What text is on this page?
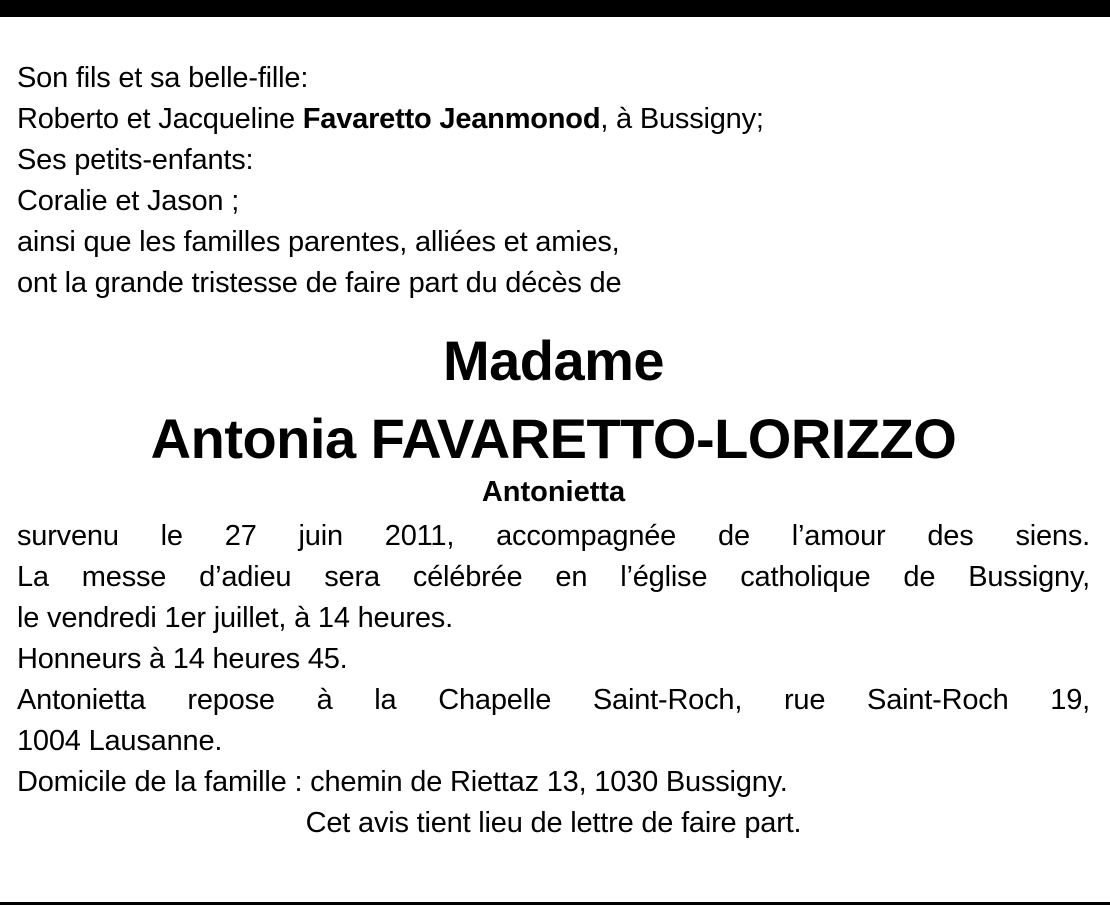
Son fils et sa belle-fille:
Roberto et Jacqueline Favaretto Jeanmonod, à Bussigny;
Ses petits-enfants:
Coralie et Jason ;
ainsi que les familles parentes, alliées et amies,
ont la grande tristesse de faire part du décès de
Madame
Antonia FAVARETTO-LORIZZO
Antonietta
survenu le 27 juin 2011, accompagnée de l’amour des siens.
La messe d’adieu sera célébrée en l’église catholique de Bussigny,
le vendredi 1er juillet, à 14 heures.
Honneurs à 14 heures 45.
Antonietta repose à la Chapelle Saint-Roch, rue Saint-Roch 19,
1004 Lausanne.
Domicile de la famille : chemin de Riettaz 13, 1030 Bussigny.
Cet avis tient lieu de lettre de faire part.
